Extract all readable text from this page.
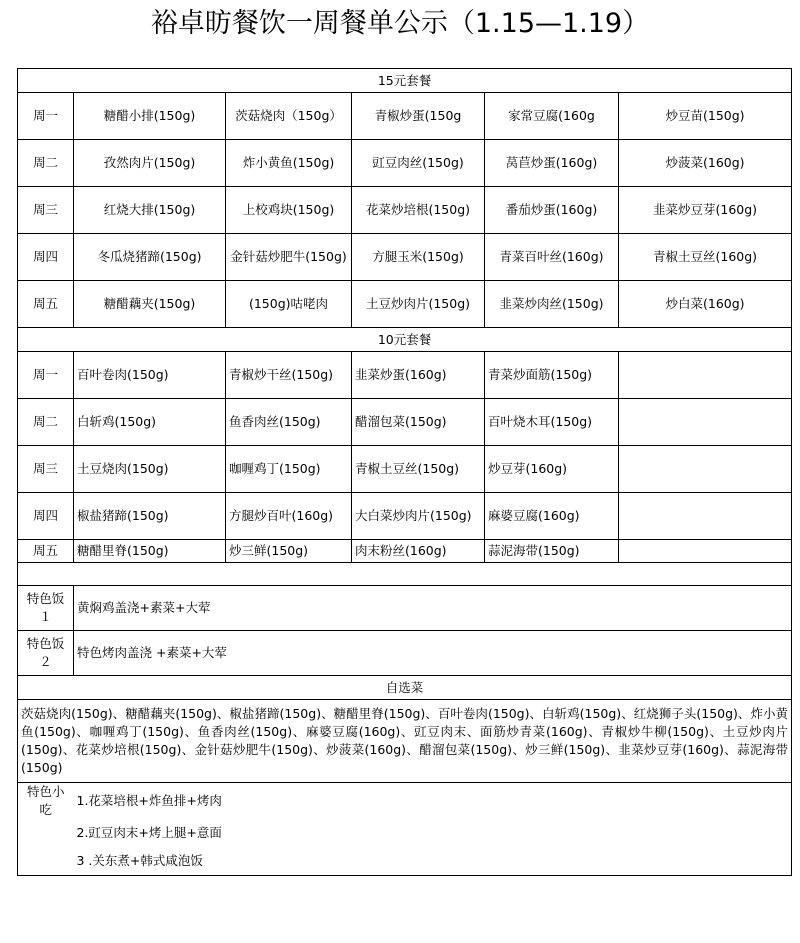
裕卓昉餐饮一周餐单公示（1.15—1.19）
15元套餐					
周一	糖醋小排(150g)	茨菇烧肉（150g）	青椒炒蛋(150g	家常豆腐(160g	炒豆苗(150g)
周二	孜然肉片(150g)	炸小黄鱼(150g)	豇豆肉丝(150g)	莴苣炒蛋(160g)	炒菠菜(160g)
周三	红烧大排(150g)	上校鸡块(150g)	花菜炒培根(150g)	番茄炒蛋(160g)	韭菜炒豆芽(160g)
周四	冬瓜烧猪蹄(150g)	金针菇炒肥牛(150g)	方腿玉米(150g)	青菜百叶丝(160g)	青椒土豆丝(160g)
周五	糖醋藕夹(150g)	(150g)咕咾肉	土豆炒肉片(150g)	韭菜炒肉丝(150g)	炒白菜(160g)
10元套餐					
周一	百叶卷肉(150g)	青椒炒干丝(150g)	韭菜炒蛋(160g)	青菜炒面筋(150g)	
周二	白斩鸡(150g)	鱼香肉丝(150g)	醋溜包菜(150g)	百叶烧木耳(150g)	
周三	土豆烧肉(150g)	咖喱鸡丁(150g)	青椒土豆丝(150g)	炒豆芽(160g)	
周四	椒盐猪蹄(150g)	方腿炒百叶(160g)	大白菜炒肉片(150g)	麻婆豆腐(160g)	
周五	糖醋里脊(150g)	炒三鲜(150g)	肉末粉丝(160g)	蒜泥海带(150g)	

特色饭１	黄焖鸡盖浇+素菜+大荤				
特色饭２	特色烤肉盖浇 +素菜+大荤				
自选菜					
茨菇烧肉(150g)、糖醋藕夹(150g)、椒盐猪蹄(150g)、糖醋里脊(150g)、百叶卷肉(150g)、白斩鸡(150g)、红烧狮子头(150g)、炸小黄鱼(150g)、咖喱鸡丁(150g)、鱼香肉丝(150g)、麻婆豆腐(160g)、豇豆肉末、面筋炒青菜(160g)、青椒炒牛柳(150g)、土豆炒肉片(150g)、花菜炒培根(150g)、金针菇炒肥牛(150g)、炒菠菜(160g)、醋溜包菜(150g)、炒三鲜(150g)、韭菜炒豆芽(160g)、蒜泥海带(150g)					
特色小吃	1.花菜培根+炸鱼排+烤肉				
	2.豇豆肉末+烤上腿+意面				
	3 .关东煮+韩式咸泡饭				
